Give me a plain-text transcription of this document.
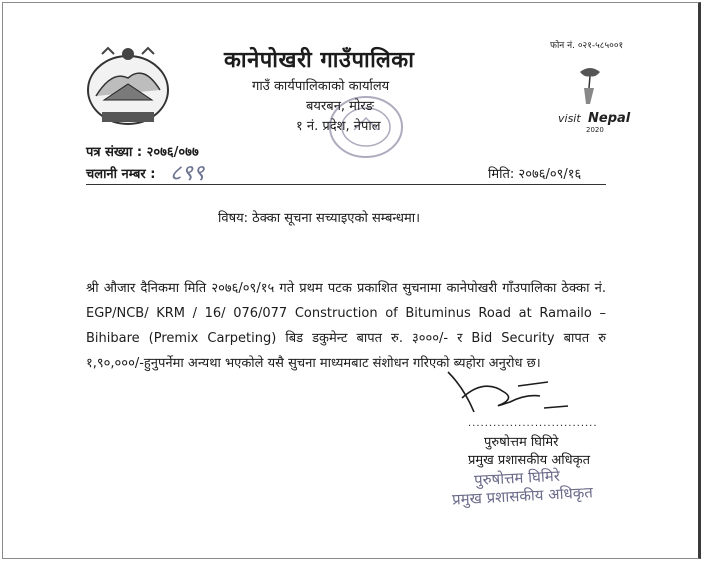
visit Nepal
2020
फोन नं. ०२१-५८५००१
कानेपोखरी गाउँपालिका
गाउँ कार्यपालिकाको कार्यालय
बयरबन, मोरङ
१ नं. प्रदेश, नेपाल
पत्र संख्या : २०७६/०७७
चलानी नम्बर : ८९९	मिति: २०७६/०९/१६
विषय: ठेक्का सूचना सच्याइएको सम्बन्धमा।
श्री औजार दैनिकमा मिति २०७६/०९/१५ गते प्रथम पटक प्रकाशित सुचनामा कानेपोखरी गाँउपालिका ठेक्का नं. EGP/NCB/ KRM / 16/ 076/077 Construction of Bituminus Road at Ramailo – Bihibare (Premix Carpeting) बिड डकुमेन्ट बापत रु. ३०००/- र Bid Security बापत रु १,९०,०००/-हुनुपर्नेमा अन्यथा भएकोले यसै सुचना माध्यमबाट संशोधन गरिएको ब्यहोरा अनुरोध छ।
...............................
पुरुषोत्तम घिमिरे
प्रमुख प्रशासकीय अधिकृत
पुरुषोत्तम घिमिरे
प्रमुख प्रशासकीय अधिकृत
